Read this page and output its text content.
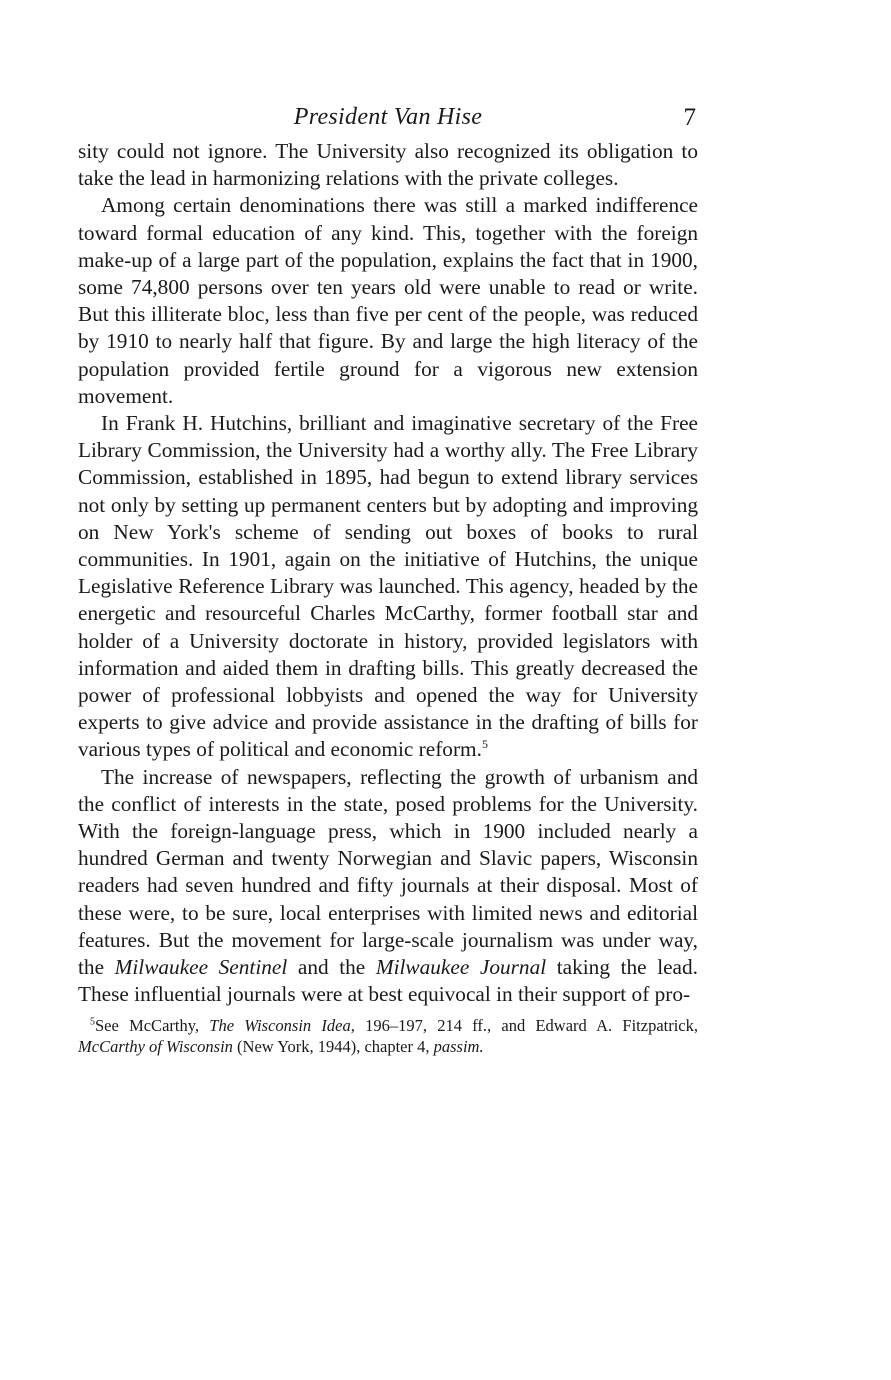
President Van Hise	7

sity could not ignore. The University also recognized its obligation to take the lead in harmonizing relations with the private colleges.

Among certain denominations there was still a marked indifference toward formal education of any kind. This, together with the foreign make-up of a large part of the population, explains the fact that in 1900, some 74,800 persons over ten years old were unable to read or write. But this illiterate bloc, less than five per cent of the people, was reduced by 1910 to nearly half that figure. By and large the high literacy of the population provided fertile ground for a vigorous new extension movement.

In Frank H. Hutchins, brilliant and imaginative secretary of the Free Library Commission, the University had a worthy ally. The Free Library Commission, established in 1895, had begun to extend library services not only by setting up permanent centers but by adopting and improving on New York's scheme of sending out boxes of books to rural communities. In 1901, again on the initiative of Hutchins, the unique Legislative Reference Library was launched. This agency, headed by the energetic and resourceful Charles McCarthy, former football star and holder of a University doctorate in history, provided legislators with information and aided them in drafting bills. This greatly decreased the power of professional lobbyists and opened the way for University experts to give advice and provide assistance in the drafting of bills for various types of political and economic reform.$^5$

The increase of newspapers, reflecting the growth of urbanism and the conflict of interests in the state, posed problems for the University. With the foreign-language press, which in 1900 included nearly a hundred German and twenty Norwegian and Slavic papers, Wisconsin readers had seven hundred and fifty journals at their disposal. Most of these were, to be sure, local enterprises with limited news and editorial features. But the movement for large-scale journalism was under way, the Milwaukee Sentinel and the Milwaukee Journal taking the lead. These influential journals were at best equivocal in their support of pro-

$^5$See McCarthy, The Wisconsin Idea, 196–197, 214 ff., and Edward A. Fitzpatrick, McCarthy of Wisconsin (New York, 1944), chapter 4, passim.
